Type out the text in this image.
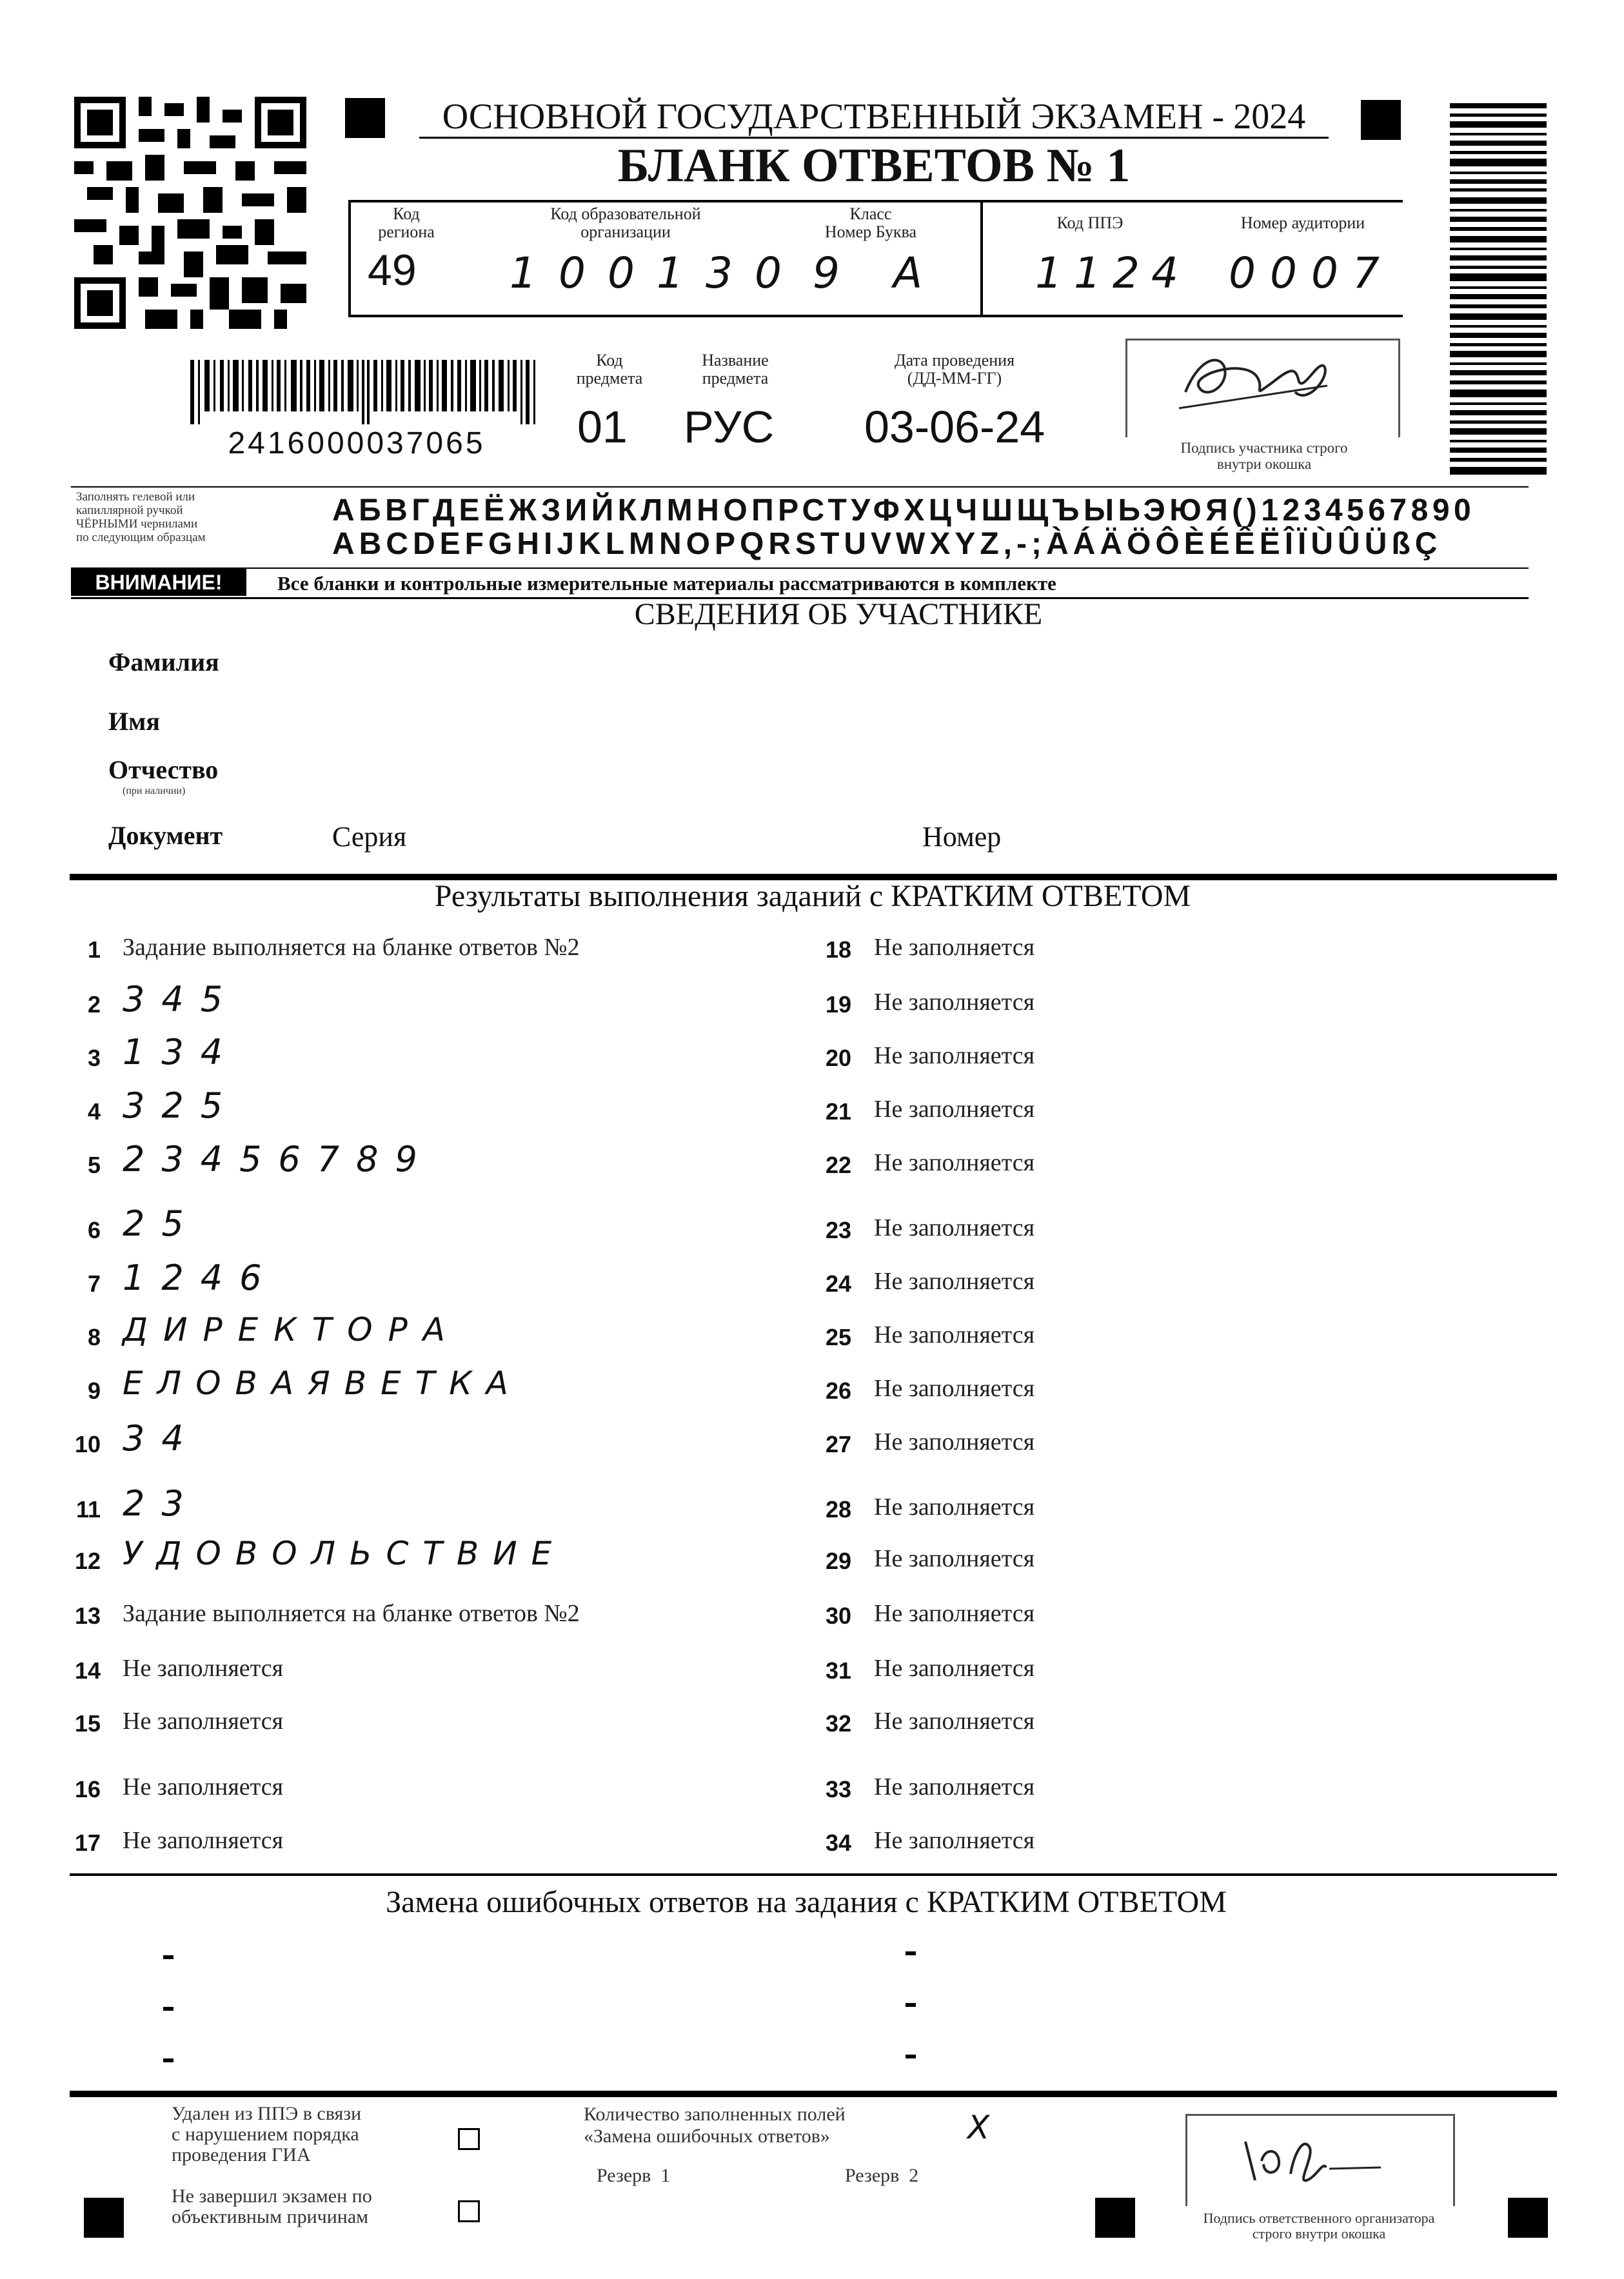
ОСНОВНОЙ ГОСУДАРСТВЕННЫЙ ЭКЗАМЕН - 2024
БЛАНК ОТВЕТОВ № 1
Код
региона
49
Код образовательной
организации
100130
Класс
Номер Буква
9 А
Код ППЭ
1124
Номер аудитории
0007
2416000037065
Код
предмета
01
Название
предмета
РУС
Дата проведения
(ДД-ММ-ГГ)
03-06-24	Подпись участника строго
внутри окошка
Заполнять гелевой или
капиллярной ручкой
ЧЁРНЫМИ чернилами
по следующим образцам
АБВГДЕЁЖЗИЙКЛМНОПРСТУФХЦЧШЩЪЫЬЭЮЯ()1234567890
ABCDEFGHIJKLMNOPQRSTUVWXYZ,-;ÀÁÄÖÔÈÉÊËÎÏÙÛÜßÇ
ВНИМАНИЕ!	Все бланки и контрольные измерительные материалы рассматриваются в комплекте
СВЕДЕНИЯ ОБ УЧАСТНИКЕ
Фамилия
Имя
Отчество
(при наличии)
Документ	Серия	Номер
Результаты выполнения заданий с КРАТКИМ ОТВЕТОМ
1 Задание выполняется на бланке ответов №2
2 345
3 134
4 325
5 23456789
6 25
7 1246
8 ДИРЕКТОРА
9 ЕЛОВАЯВЕТКА
10 34
11 23
12 УДОВОЛЬСТВИЕ
13 Задание выполняется на бланке ответов №2
14 Не заполняется
15 Не заполняется
16 Не заполняется
17 Не заполняется
18 Не заполняется
19 Не заполняется
20 Не заполняется
21 Не заполняется
22 Не заполняется
23 Не заполняется
24 Не заполняется
25 Не заполняется
26 Не заполняется
27 Не заполняется
28 Не заполняется
29 Не заполняется
30 Не заполняется
31 Не заполняется
32 Не заполняется
33 Не заполняется
34 Не заполняется
Замена ошибочных ответов на задания с КРАТКИМ ОТВЕТОМ
Удален из ППЭ в связи
с нарушением порядка
проведения ГИА
Не завершил экзамен по
объективным причинам
Количество заполненных полей
«Замена ошибочных ответов»	Х
Резерв  1	Резерв  2
Подпись ответственного организатора
строго внутри окошка
